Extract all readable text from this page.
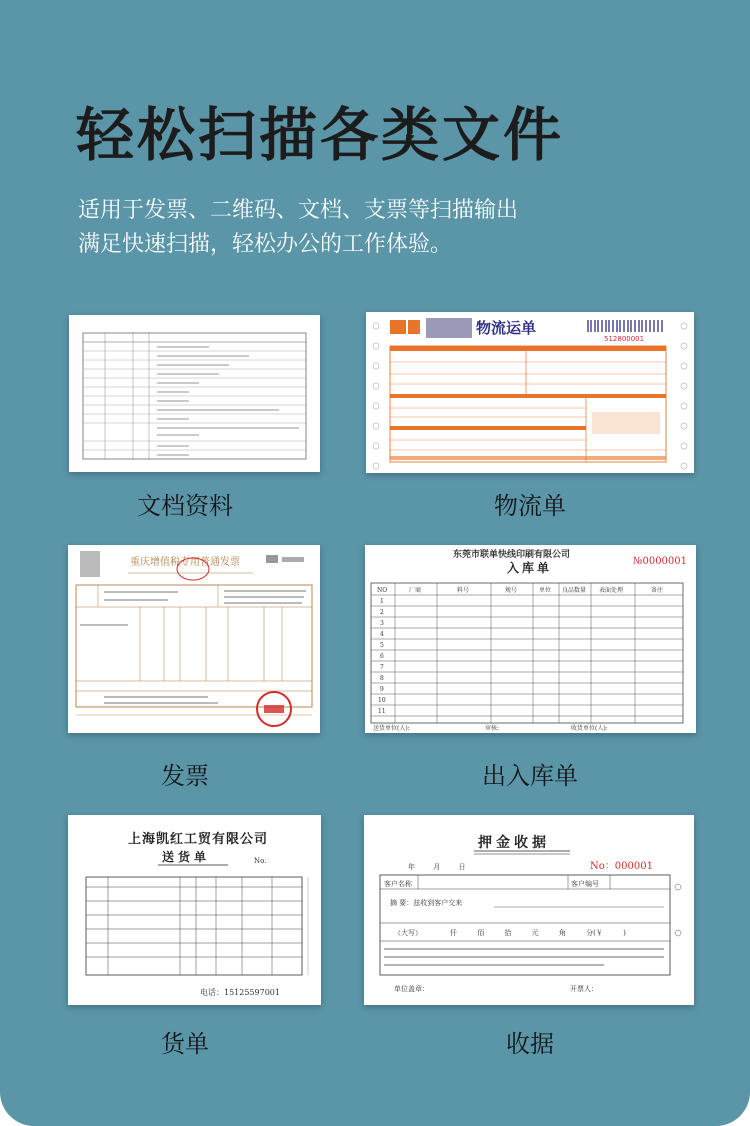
轻松扫描各类文件
适用于发票、二维码、文档、支票等扫描输出
满足快速扫描，轻松办公的工作体验。
文档资料
物流运单
512800001
物流单
重庆增值税专用普通发票
发票
东莞市联单快线印刷有限公司
入库单	№0000001
NO	厂商	料号	规号	单位 良品数量 表面处理	备注
1
2
3
4
5
6
7
8
9
10
11
送货单位(人):	审核:	收货单位(人):
出入库单
上海凯红工贸有限公司
送货单	No.
电话：15125597001
货单
押金收据
No：000001
年 月 日
客户名称	客户编号
摘 要：兹收到客户交来
（大写）	仟 佰 拾 元 角 分(￥ )
单位盖章：	开票人：
收据
